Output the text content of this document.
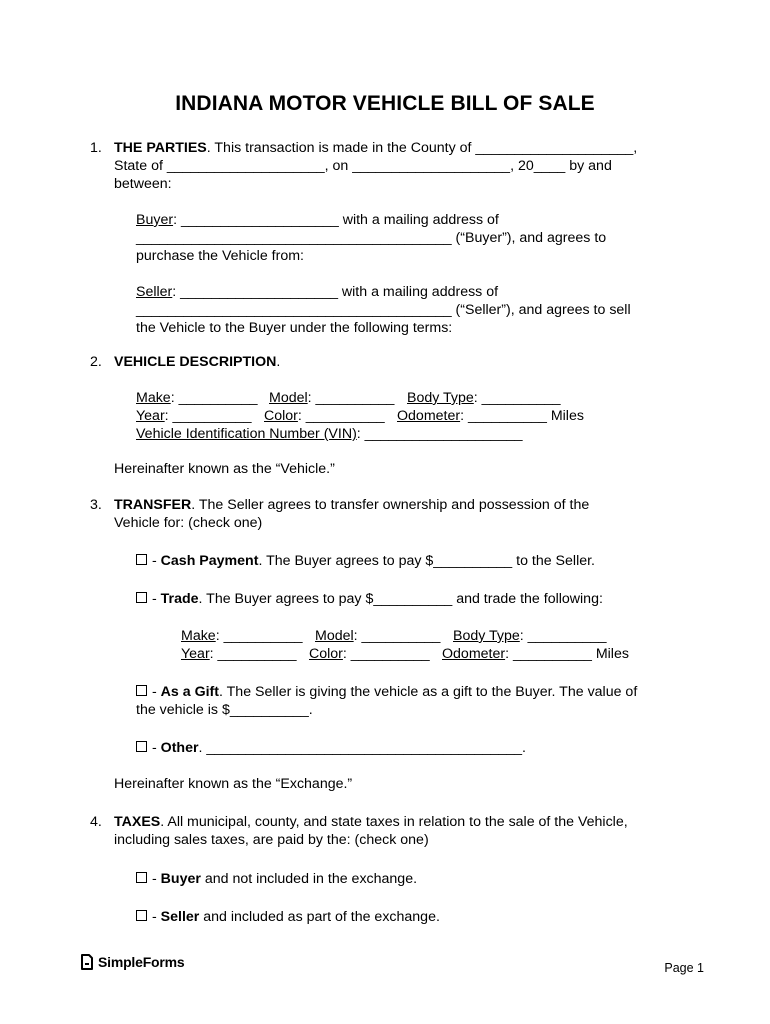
INDIANA MOTOR VEHICLE BILL OF SALE
1. THE PARTIES. This transaction is made in the County of ____________________,
State of ____________________, on ____________________, 20____ by and
between:
Buyer: ____________________ with a mailing address of
________________________________________ (“Buyer”), and agrees to
purchase the Vehicle from:
Seller: ____________________ with a mailing address of
________________________________________ (“Seller”), and agrees to sell
the Vehicle to the Buyer under the following terms:
2. VEHICLE DESCRIPTION.
Make: __________ Model: __________ Body Type: __________
Year: __________ Color: __________ Odometer: __________ Miles
Vehicle Identification Number (VIN): ____________________
Hereinafter known as the “Vehicle.”
3. TRANSFER. The Seller agrees to transfer ownership and possession of the
Vehicle for: (check one)
- Cash Payment. The Buyer agrees to pay $__________ to the Seller.
- Trade. The Buyer agrees to pay $__________ and trade the following:
Make: __________ Model: __________ Body Type: __________
Year: __________ Color: __________ Odometer: __________ Miles
- As a Gift. The Seller is giving the vehicle as a gift to the Buyer. The value of
the vehicle is $__________.
- Other. ________________________________________.
Hereinafter known as the “Exchange.”
4. TAXES. All municipal, county, and state taxes in relation to the sale of the Vehicle,
including sales taxes, are paid by the: (check one)
- Buyer and not included in the exchange.
- Seller and included as part of the exchange.
SimpleForms	Page 1
